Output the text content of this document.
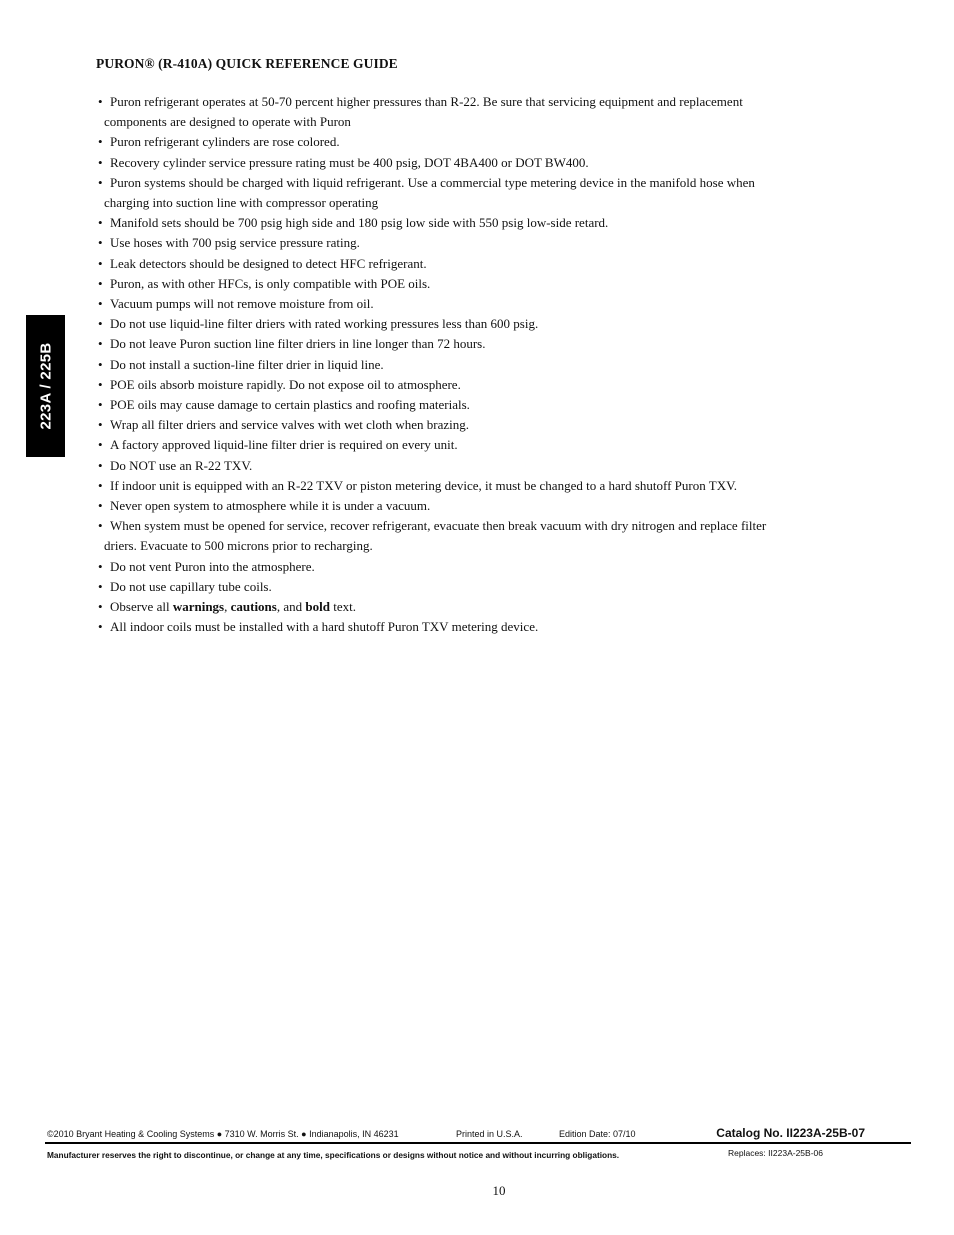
PURON® (R-410A) QUICK REFERENCE GUIDE
• Puron refrigerant operates at 50-70 percent higher pressures than R-22. Be sure that servicing equipment and replacement
components are designed to operate with Puron
• Puron refrigerant cylinders are rose colored.
• Recovery cylinder service pressure rating must be 400 psig, DOT 4BA400 or DOT BW400.
• Puron systems should be charged with liquid refrigerant. Use a commercial type metering device in the manifold hose when
charging into suction line with compressor operating
• Manifold sets should be 700 psig high side and 180 psig low side with 550 psig low-side retard.
• Use hoses with 700 psig service pressure rating.
• Leak detectors should be designed to detect HFC refrigerant.
• Puron, as with other HFCs, is only compatible with POE oils.
• Vacuum pumps will not remove moisture from oil.
• Do not use liquid-line filter driers with rated working pressures less than 600 psig.
• Do not leave Puron suction line filter driers in line longer than 72 hours.
• Do not install a suction-line filter drier in liquid line.
• POE oils absorb moisture rapidly. Do not expose oil to atmosphere.
• POE oils may cause damage to certain plastics and roofing materials.
• Wrap all filter driers and service valves with wet cloth when brazing.
• A factory approved liquid-line filter drier is required on every unit.
• Do NOT use an R-22 TXV.
• If indoor unit is equipped with an R-22 TXV or piston metering device, it must be changed to a hard shutoff Puron TXV.
• Never open system to atmosphere while it is under a vacuum.
• When system must be opened for service, recover refrigerant, evacuate then break vacuum with dry nitrogen and replace filter
driers. Evacuate to 500 microns prior to recharging.
• Do not vent Puron into the atmosphere.
• Do not use capillary tube coils.
• Observe all warnings, cautions, and bold text.
• All indoor coils must be installed with a hard shutoff Puron TXV metering device.
223A / 225B
©2010 Bryant Heating & Cooling Systems ● 7310 W. Morris St. ● Indianapolis, IN 46231	Printed in U.S.A.	Edition Date: 07/10	Catalog No. II223A-25B-07
Manufacturer reserves the right to discontinue, or change at any time, specifications or designs without notice and without incurring obligations.	Replaces: II223A-25B-06
10
